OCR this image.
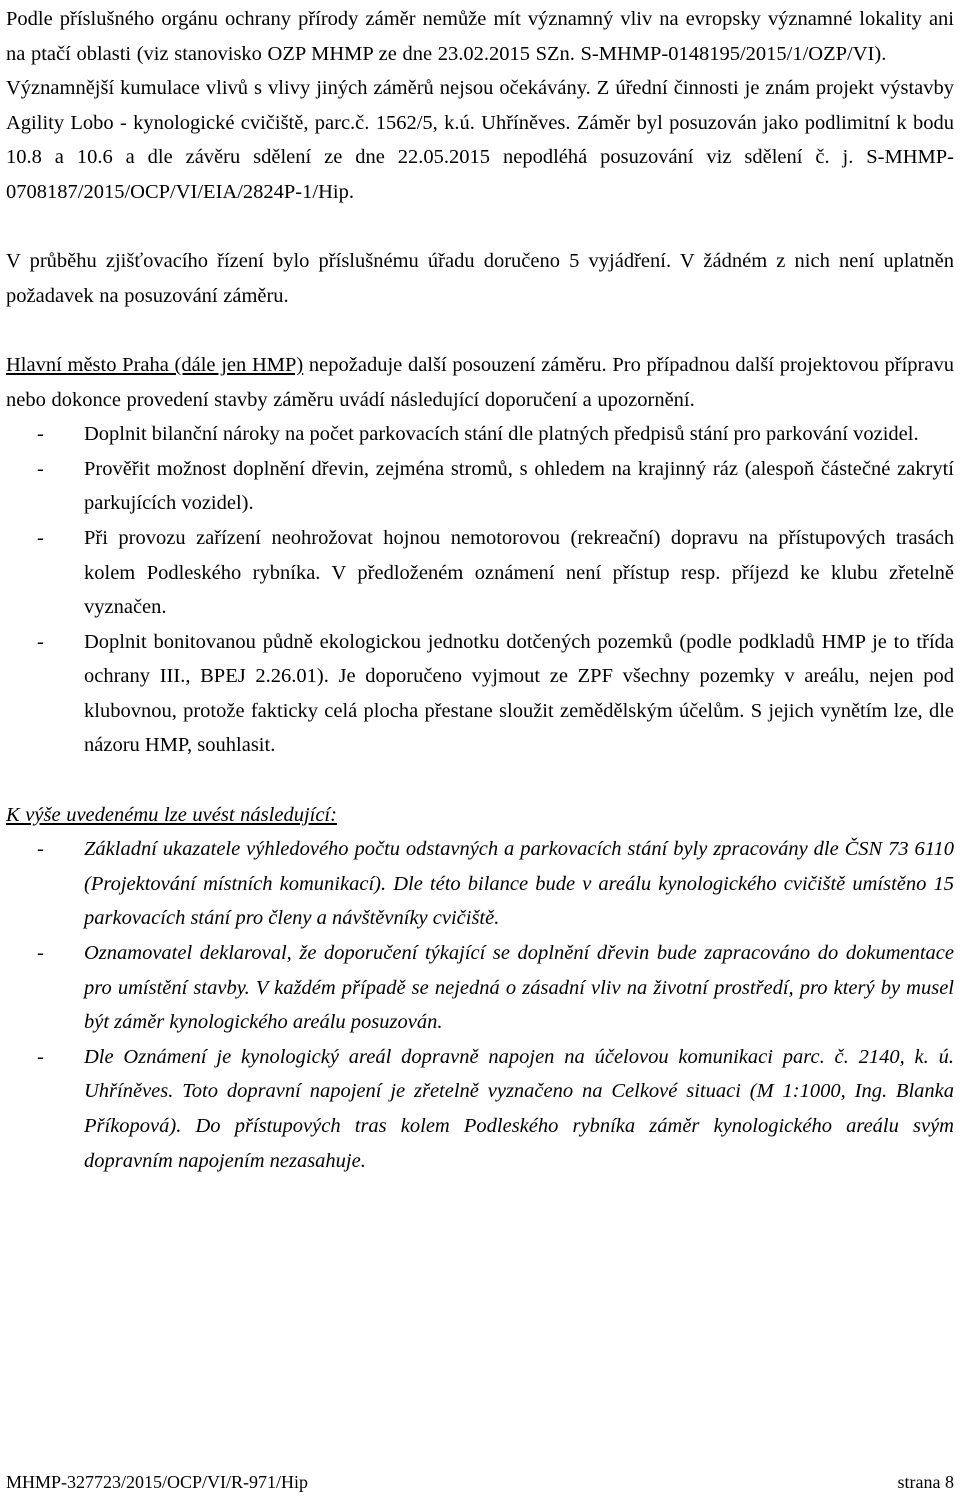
Podle příslušného orgánu ochrany přírody záměr nemůže mít významný vliv na evropsky významné lokality ani na ptačí oblasti (viz stanovisko OZP MHMP ze dne 23.02.2015 SZn. S-MHMP-0148195/2015/1/OZP/VI).

Významnější kumulace vlivů s vlivy jiných záměrů nejsou očekávány. Z úřední činnosti je znám projekt výstavby Agility Lobo - kynologické cvičiště, parc.č. 1562/5, k.ú. Uhříněves. Záměr byl posuzován jako podlimitní k bodu 10.8 a 10.6 a dle závěru sdělení ze dne 22.05.2015 nepodléhá posuzování viz sdělení č. j. S-MHMP-0708187/2015/OCP/VI/EIA/2824P-1/Hip.

V průběhu zjišťovacího řízení bylo příslušnému úřadu doručeno 5 vyjádření. V žádném z nich není uplatněn požadavek na posuzování záměru.

Hlavní město Praha (dále jen HMP) nepožaduje další posouzení záměru. Pro případnou další projektovou přípravu nebo dokonce provedení stavby záměru uvádí následující doporučení a upozornění.

- Doplnit bilanční nároky na počet parkovacích stání dle platných předpisů stání pro parkování vozidel.
- Prověřit možnost doplnění dřevin, zejména stromů, s ohledem na krajinný ráz (alespoň částečné zakrytí parkujících vozidel).
- Při provozu zařízení neohrožovat hojnou nemotorovou (rekreační) dopravu na přístupových trasách kolem Podleského rybníka. V předloženém oznámení není přístup resp. příjezd ke klubu zřetelně vyznačen.
- Doplnit bonitovanou půdně ekologickou jednotku dotčených pozemků (podle podkladů HMP je to třída ochrany III., BPEJ 2.26.01). Je doporučeno vyjmout ze ZPF všechny pozemky v areálu, nejen pod klubovnou, protože fakticky celá plocha přestane sloužit zemědělským účelům. S jejich vynětím lze, dle názoru HMP, souhlasit.

K výše uvedenému lze uvést následující:

- Základní ukazatele výhledového počtu odstavných a parkovacích stání byly zpracovány dle ČSN 73 6110 (Projektování místních komunikací). Dle této bilance bude v areálu kynologického cvičiště umístěno 15 parkovacích stání pro členy a návštěvníky cvičiště.
- Oznamovatel deklaroval, že doporučení týkající se doplnění dřevin bude zapracováno do dokumentace pro umístění stavby. V každém případě se nejedná o zásadní vliv na životní prostředí, pro který by musel být záměr kynologického areálu posuzován.
- Dle Oznámení je kynologický areál dopravně napojen na účelovou komunikaci parc. č. 2140, k. ú. Uhříněves. Toto dopravní napojení je zřetelně vyznačeno na Celkové situaci (M 1:1000, Ing. Blanka Příkopová). Do přístupových tras kolem Podleského rybníka záměr kynologického areálu svým dopravním napojením nezasahuje.
MHMP-327723/2015/OCP/VI/R-971/Hip	strana 8
